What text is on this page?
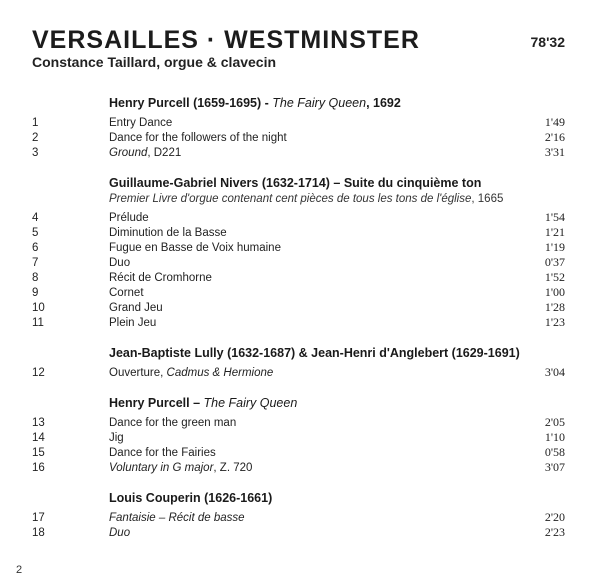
VERSAILLES · WESTMINSTER	78'32
Constance Taillard, orgue & clavecin
Henry Purcell (1659-1695) - The Fairy Queen, 1692
1	Entry Dance	1'49
2	Dance for the followers of the night	2'16
3	Ground, D221	3'31
Guillaume-Gabriel Nivers (1632-1714) – Suite du cinquième ton
Premier Livre d'orgue contenant cent pièces de tous les tons de l'église, 1665
4	Prélude	1'54
5	Diminution de la Basse	1'21
6	Fugue en Basse de Voix humaine	1'19
7	Duo	0'37
8	Récit de Cromhorne	1'52
9	Cornet	1'00
10	Grand Jeu	1'28
11	Plein Jeu	1'23
Jean-Baptiste Lully (1632-1687) & Jean-Henri d'Anglebert (1629-1691)
12	Ouverture, Cadmus & Hermione	3'04
Henry Purcell – The Fairy Queen
13	Dance for the green man	2'05
14	Jig	1'10
15	Dance for the Fairies	0'58
16	Voluntary in G major, Z. 720	3'07
Louis Couperin (1626-1661)
17	Fantaisie – Récit de basse	2'20
18	Duo	2'23
2
